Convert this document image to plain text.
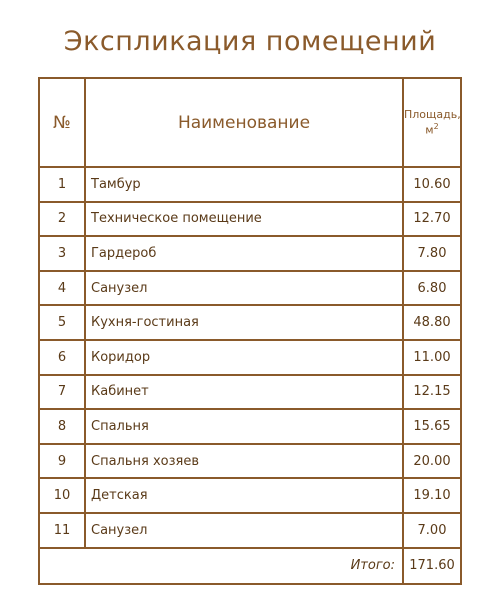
Экспликация помещений
№	Наименование	Площадь,
$м^2$
1	Тамбур	10.60
2	Техническое помещение	12.70
3	Гардероб	7.80
4	Санузел	6.80
5	Кухня-гостиная	48.80
6	Коридор	11.00
7	Кабинет	12.15
8	Спальня	15.65
9	Спальня хозяев	20.00
10	Детская	19.10
11	Санузел	7.00
Итого:		171.60
